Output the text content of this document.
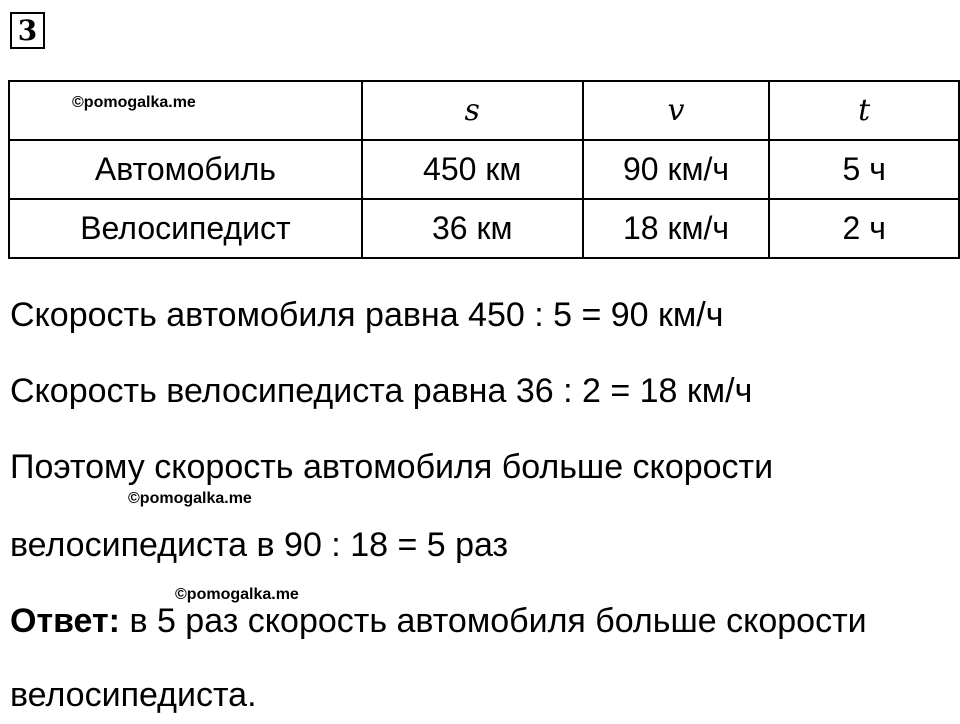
3
©pomogalka.me	s	v	t
Автомобиль	450 км	90 км/ч	5 ч
Велосипедист	36 км	18 км/ч	2 ч
Скорость автомобиля равна 450 : 5 = 90 км/ч
Скорость велосипедиста равна 36 : 2 = 18 км/ч
Поэтому скорость автомобиля больше скорости
©pomogalka.me
велосипедиста в 90 : 18 = 5 раз
©pomogalka.me
Ответ: в 5 раз скорость автомобиля больше скорости
велосипедиста.
